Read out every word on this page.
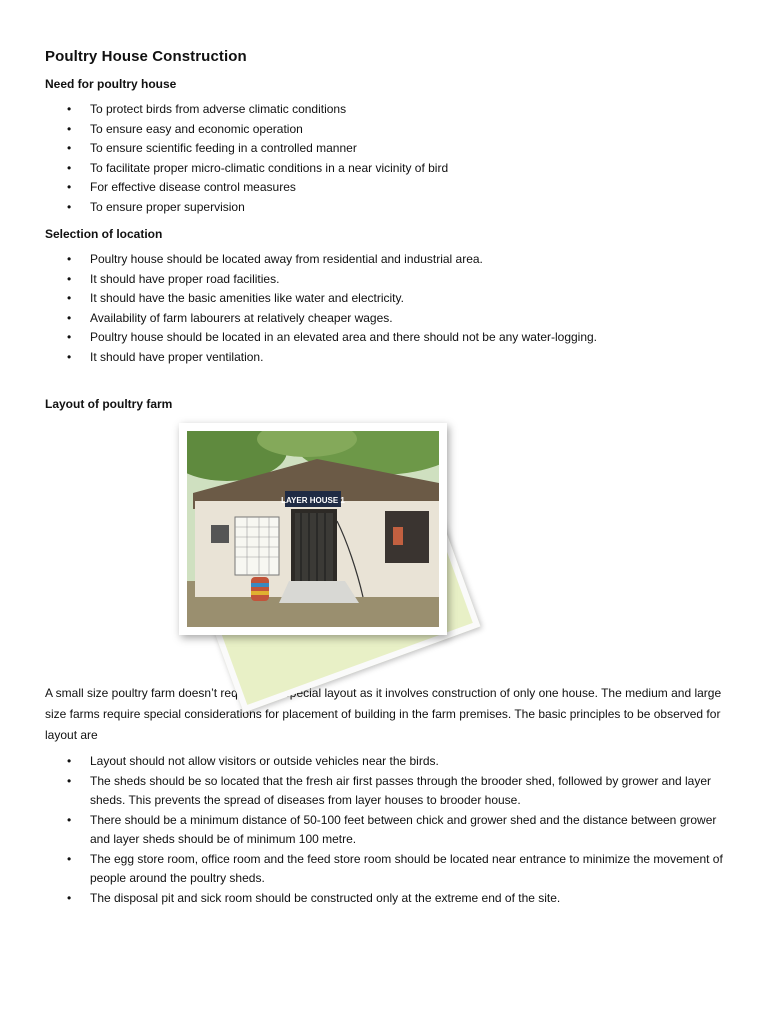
Poultry House Construction
Need for poultry house
• To protect birds from adverse climatic conditions
• To ensure easy and economic operation
• To ensure scientific feeding in a controlled manner
• To facilitate proper micro-climatic conditions in a near vicinity of bird
• For effective disease control measures
• To ensure proper supervision
Selection of location
• Poultry house should be located away from residential and industrial area.
• It should have proper road facilities.
• It should have the basic amenities like water and electricity.
• Availability of farm labourers at relatively cheaper wages.
• Poultry house should be located in an elevated area and there should not be any water-logging.
• It should have proper ventilation.
Layout of poultry farm
LAYER HOUSE 1

A small size poultry farm doesn’t require any special layout as it involves construction of only one house. The medium and large size farms require special considerations for placement of building in the farm premises. The basic principles to be observed for layout are

• Layout should not allow visitors or outside vehicles near the birds.
• The sheds should be so located that the fresh air first passes through the brooder shed, followed by grower and layer sheds. This prevents the spread of diseases from layer houses to brooder house.
• There should be a minimum distance of 50-100 feet between chick and grower shed and the distance between grower and layer sheds should be of minimum 100 metre.
• The egg store room, office room and the feed store room should be located near entrance to minimize the movement of people around the poultry sheds.
• The disposal pit and sick room should be constructed only at the extreme end of the site.
